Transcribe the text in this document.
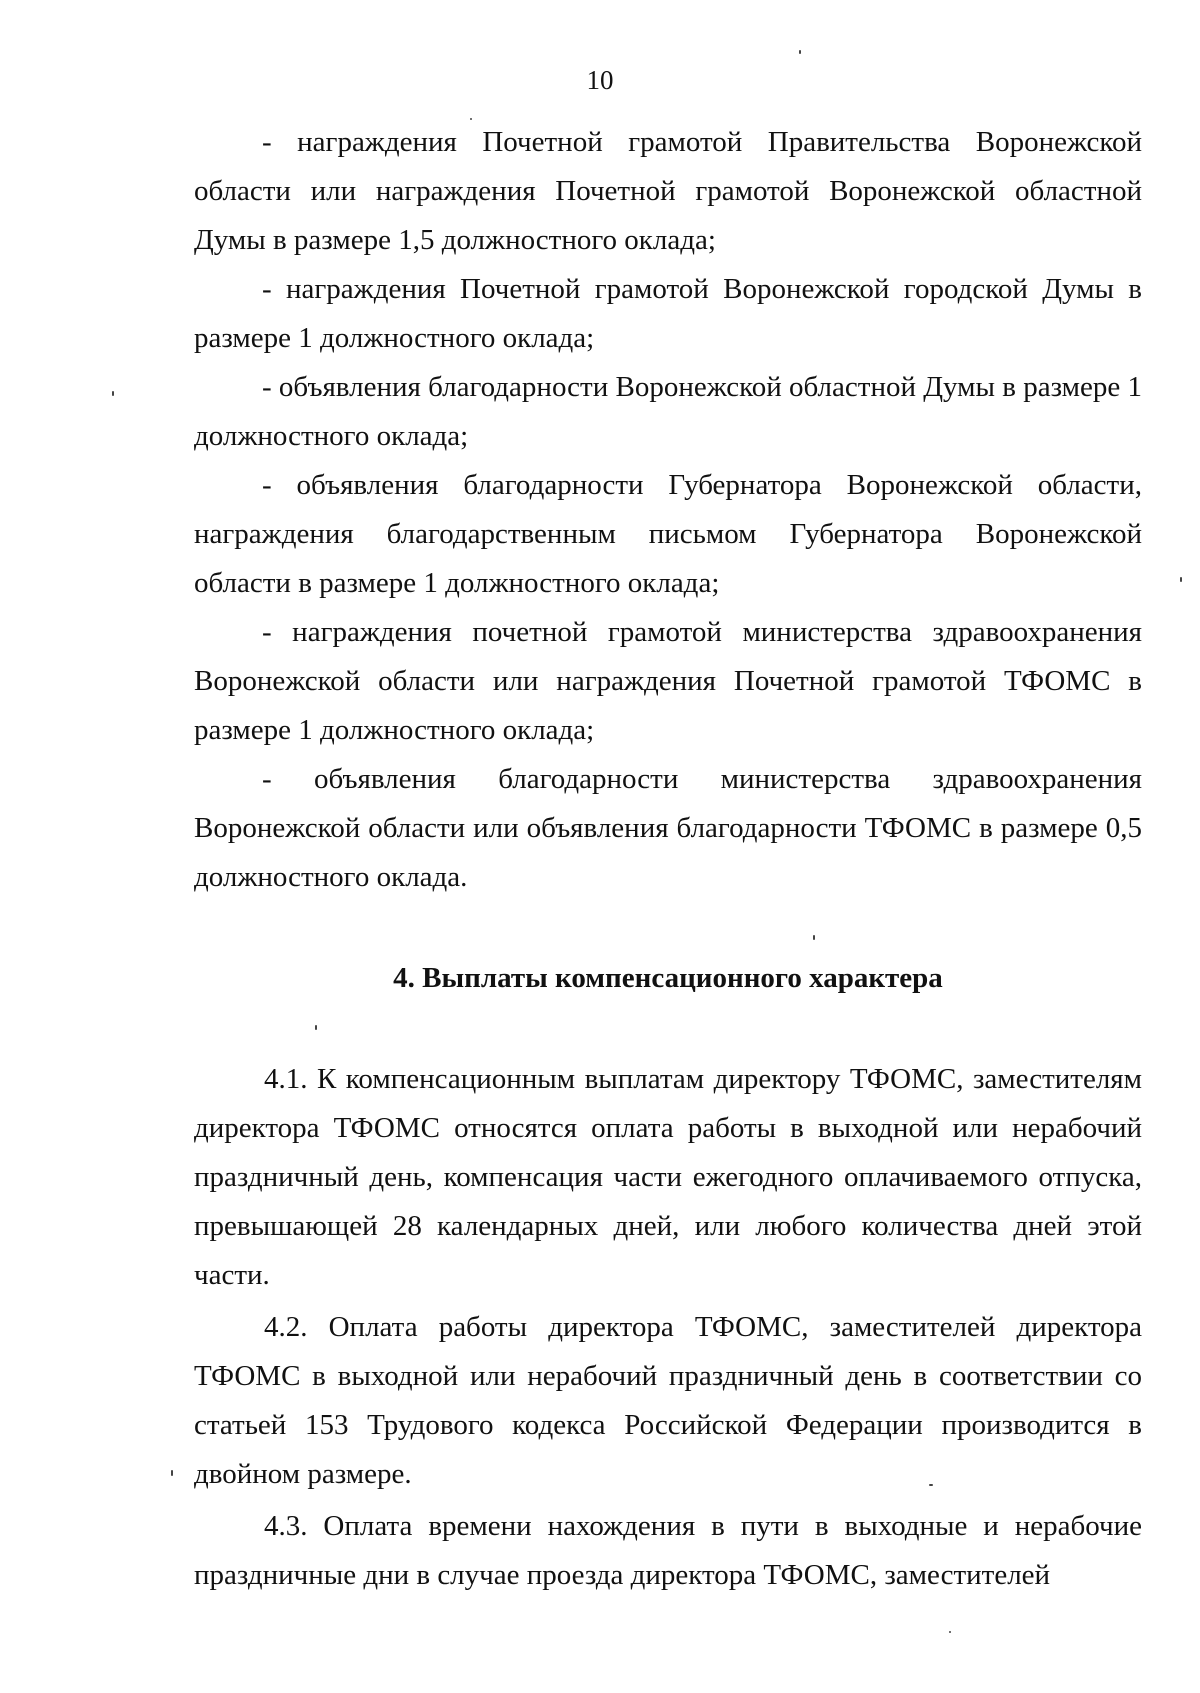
10

- награждения Почетной грамотой Правительства Воронежской области или награждения Почетной грамотой Воронежской областной Думы в размере 1,5 должностного оклада;

- награждения Почетной грамотой Воронежской городской Думы в размере 1 должностного оклада;

- объявления благодарности Воронежской областной Думы в размере 1 должностного оклада;

- объявления благодарности Губернатора Воронежской области, награждения благодарственным письмом Губернатора Воронежской области в размере 1 должностного оклада;

- награждения почетной грамотой министерства здравоохранения Воронежской области или награждения Почетной грамотой ТФОМС в размере 1 должностного оклада;

- объявления благодарности министерства здравоохранения Воронежской области или объявления благодарности ТФОМС в размере 0,5 должностного оклада.

4. Выплаты компенсационного характера

4.1. К компенсационным выплатам директору ТФОМС, заместителям директора ТФОМС относятся оплата работы в выходной или нерабочий праздничный день, компенсация части ежегодного оплачиваемого отпуска, превышающей 28 календарных дней, или любого количества дней этой части.

4.2. Оплата работы директора ТФОМС, заместителей директора ТФОМС в выходной или нерабочий праздничный день в соответствии со статьей 153 Трудового кодекса Российской Федерации производится в двойном размере.

4.3. Оплата времени нахождения в пути в выходные и нерабочие праздничные дни в случае проезда директора ТФОМС, заместителей
